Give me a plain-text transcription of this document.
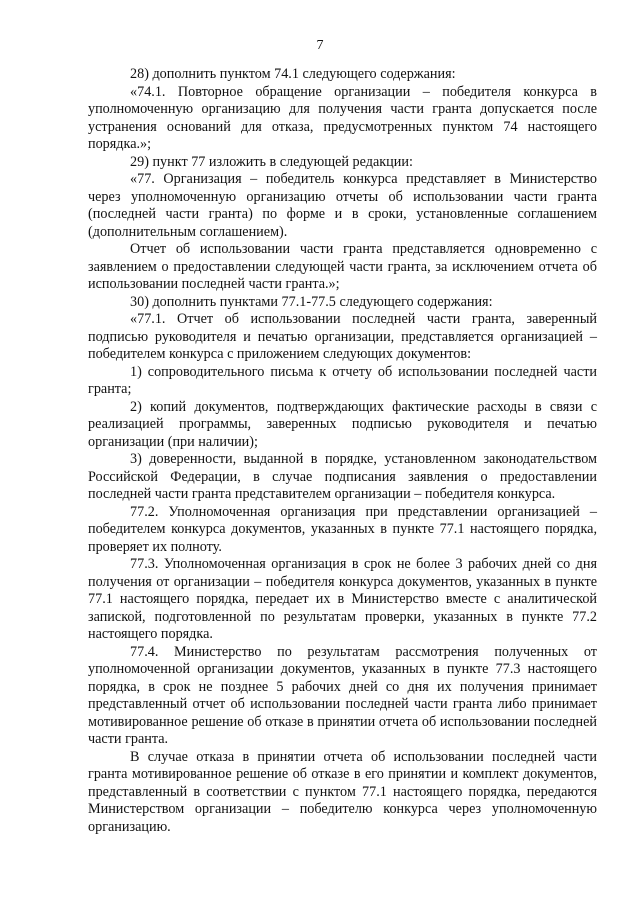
7

28) дополнить пунктом 74.1 следующего содержания:

«74.1. Повторное обращение организации – победителя конкурса в уполномоченную организацию для получения части гранта допускается после устранения оснований для отказа, предусмотренных пунктом 74 настоящего порядка.»;

29) пункт 77 изложить в следующей редакции:

«77. Организация – победитель конкурса представляет в Министерство через уполномоченную организацию отчеты об использовании части гранта (последней части гранта) по форме и в сроки, установленные соглашением (дополнительным соглашением).

Отчет об использовании части гранта представляется одновременно с заявлением о предоставлении следующей части гранта, за исключением отчета об использовании последней части гранта.»;

30) дополнить пунктами 77.1-77.5 следующего содержания:

«77.1. Отчет об использовании последней части гранта, заверенный подписью руководителя и печатью организации, представляется организацией – победителем конкурса с приложением следующих документов:

1) сопроводительного письма к отчету об использовании последней части гранта;

2) копий документов, подтверждающих фактические расходы в связи с реализацией программы, заверенных подписью руководителя и печатью организации (при наличии);

3) доверенности, выданной в порядке, установленном законодательством Российской Федерации, в случае подписания заявления о предоставлении последней части гранта представителем организации – победителя конкурса.

77.2. Уполномоченная организация при представлении организацией – победителем конкурса документов, указанных в пункте 77.1 настоящего порядка, проверяет их полноту.

77.3. Уполномоченная организация в срок не более 3 рабочих дней со дня получения от организации – победителя конкурса документов, указанных в пункте 77.1 настоящего порядка, передает их в Министерство вместе с аналитической запиской, подготовленной по результатам проверки, указанных в пункте 77.2 настоящего порядка.

77.4. Министерство по результатам рассмотрения полученных от уполномоченной организации документов, указанных в пункте 77.3 настоящего порядка, в срок не позднее 5 рабочих дней со дня их получения принимает представленный отчет об использовании последней части гранта либо принимает мотивированное решение об отказе в принятии отчета об использовании последней части гранта.

В случае отказа в принятии отчета об использовании последней части гранта мотивированное решение об отказе в его принятии и комплект документов, представленный в соответствии с пунктом 77.1 настоящего порядка, передаются Министерством организации – победителю конкурса через уполномоченную организацию.
